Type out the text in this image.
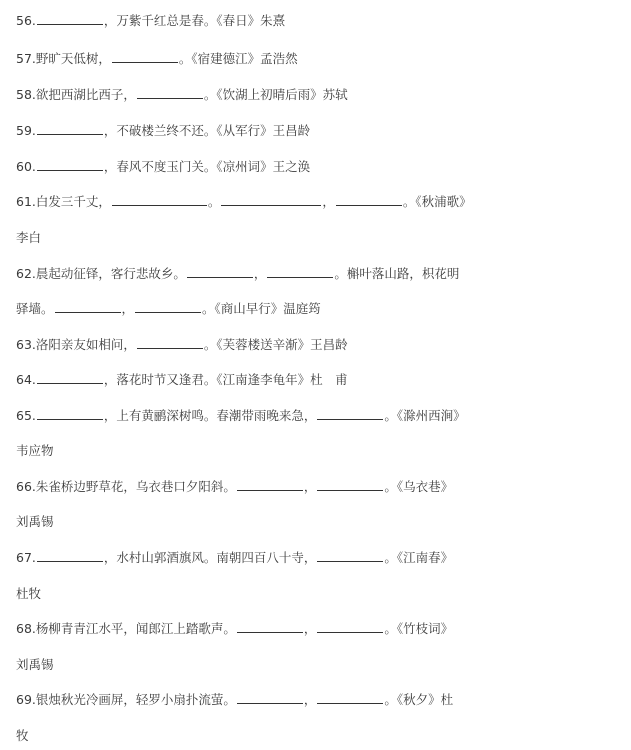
56.	，万紫千红总是春。《春日》朱熹
57.野旷天低树，	。《宿建德江》孟浩然
58.欲把西湖比西子，	。《饮湖上初晴后雨》苏轼
59.	，不破楼兰终不还。《从军行》王昌龄
60.	，春风不度玉门关。《凉州词》王之涣
61.白发三千丈，	。	，	。《秋浦歌》
李白
62.晨起动征铎，客行悲故乡。	，	。槲叶落山路，枳花明
驿墙。	，	。《商山早行》温庭筠
63.洛阳亲友如相问，	。《芙蓉楼送辛渐》王昌龄
64.	，落花时节又逢君。《江南逢李龟年》杜　甫
65.	，上有黄鹂深树鸣。春潮带雨晚来急，	。《滁州西涧》
韦应物
66.朱雀桥边野草花，乌衣巷口夕阳斜。	，	。《乌衣巷》
刘禹锡
67.	，水村山郭酒旗风。南朝四百八十寺，	。《江南春》
杜牧
68.杨柳青青江水平，闻郎江上踏歌声。	，	。《竹枝词》
刘禹锡
69.银烛秋光冷画屏，轻罗小扇扑流萤。	，	。《秋夕》杜
牧
